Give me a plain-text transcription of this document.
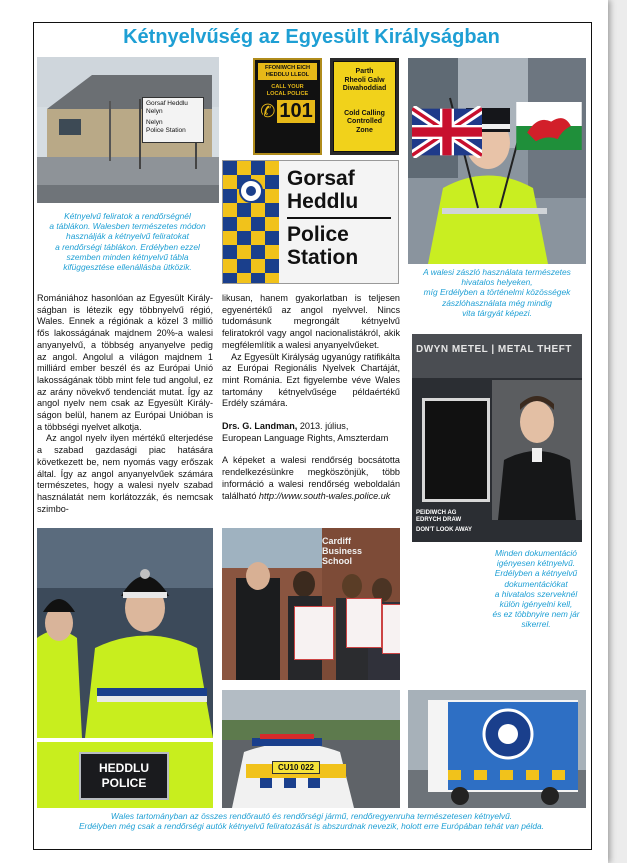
Kétnyelvűség az Egyesült Királyságban
Gorsaf Heddlu
Nelyn
Nelyn
Police Station
FFONIWCH EICH
HEDDLU LLEOL
CALL YOUR
LOCAL POLICE
✆ 101
Parth
Rheoli Galw
Diwahoddiad
Cold Calling
Controlled
Zone
Gorsaf
Heddlu
Police
Station
Kétnyelvű feliratok a rendőrségnél
a táblákon. Walesben természetes módon
használják a kétnyelvű feliratokat
a rendőrségi táblákon. Erdélyben ezzel
szemben minden kétnyelvű tábla
kifüggesztése ellenállásba ütközik.	A walesi zászló használata természetes
hivatalos helyeken,
míg Erdélyben a történelmi közösségek
zászlóhasználata még mindig
vita tárgyát képezi.

Romániához hasonlóan az Egyesült Király-ságban is létezik egy többnyelvű régió, Wales. Ennek a régiónak a közel 3 millió fős lakosságának majdnem 20%-a walesi anyanyelvű, a többség anyanyelve pedig az angol. Angolul a világon majdnem 1 milliárd ember beszél és az Európai Unió lakosságának több mint fele tud angolul, ez az arány növekvő tendenciát mutat. Így az angol nyelv nem csak az Egyesült Király-ságon belül, hanem az Európai Unióban is a többségi nyelvet alkotja.

Az angol nyelv ilyen mértékű elterjedése a szabad gazdasági piac hatására következett be, nem nyomás vagy erőszak által. Így az angol anyanyelvűek számára természetes, hogy a walesi nyelv szabad használatát nem korlátozzák, és nemcsak szimbo-

likusan, hanem gyakorlatban is teljesen egyenértékű az angol nyelvvel. Nincs tudomásunk megrongált kétnyelvű feliratokról vagy angol nacionalistákról, akik megfélemlítik a walesi anyanyelvűeket.

Az Egyesült Királyság ugyanúgy ratifikálta az Európai Regionális Nyelvek Chartáját, mint Románia. Ezt figyelembe véve Wales tartomány kétnyelvűsége példaértékű Erdély számára.

Drs. G. Landman, 2013. július,

European Language Rights, Amszterdam

A képeket a walesi rendőrség bocsátotta rendelkezésünkre megköszönjük, több információ a walesi rendőrség weboldalán található http://www.south-wales.police.uk

DWYN METEL | METAL THEFT
PEIDIWCH AG
EDRYCH DRAW
DON'T LOOK AWAY
Cardiff
Business
School
Minden dokumentáció
igényesen kétnyelvű.
Erdélyben a kétnyelvű
dokumentációkat
a hivatalos szerveknél
külön igényelni kell,
és ez többnyire nem jár
sikerrel.
HEDDLU
POLICE
CU10 022
Wales tartományban az összes rendőrautó és rendőrségi jármű, rendőregyenruha természetesen kétnyelvű.
Erdélyben még csak a rendőrségi autók kétnyelvű feliratozását is abszurdnak nevezik, holott erre Európában tehát van példa.
